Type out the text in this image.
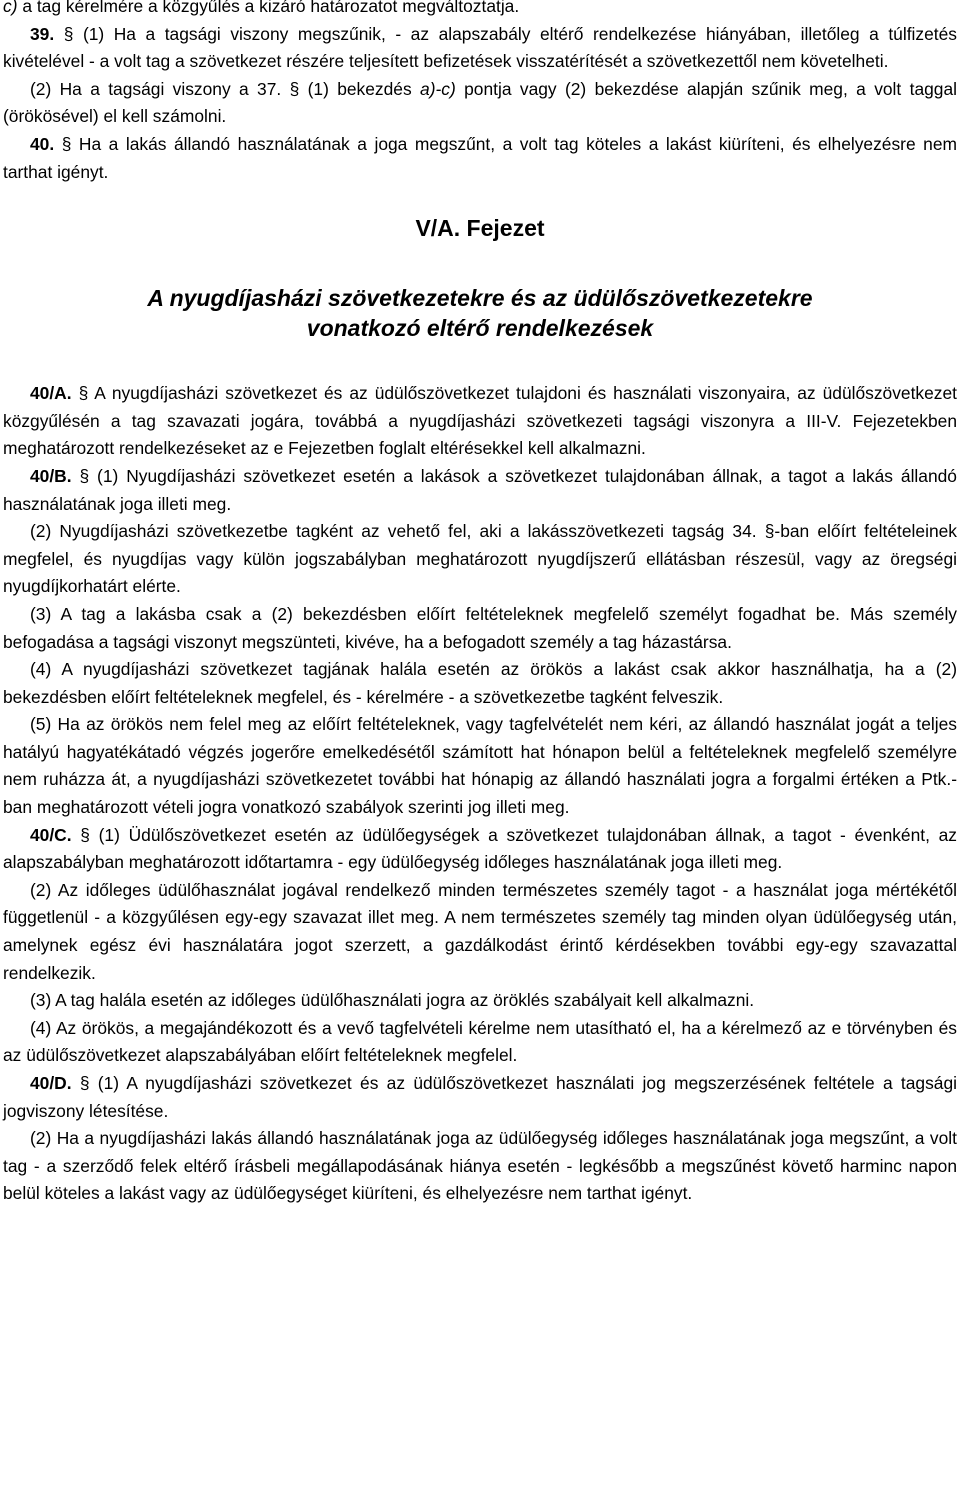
c) a tag kérelmére a közgyűlés a kizáró határozatot megváltoztatja.

39. § (1) Ha a tagsági viszony megszűnik, - az alapszabály eltérő rendelkezése hiányában, illetőleg a túlfizetés kivételével - a volt tag a szövetkezet részére teljesített befizetések visszatérítését a szövetkezettől nem követelheti.

(2) Ha a tagsági viszony a 37. § (1) bekezdés a)-c) pontja vagy (2) bekezdése alapján szűnik meg, a volt taggal (örökösével) el kell számolni.

40. § Ha a lakás állandó használatának a joga megszűnt, a volt tag köteles a lakást kiüríteni, és elhelyezésre nem tarthat igényt.

V/A. Fejezet

A nyugdíjasházi szövetkezetekre és az üdülőszövetkezetekre

vonatkozó eltérő rendelkezések

40/A. § A nyugdíjasházi szövetkezet és az üdülőszövetkezet tulajdoni és használati viszonyaira, az üdülőszövetkezet közgyűlésén a tag szavazati jogára, továbbá a nyugdíjasházi szövetkezeti tagsági viszonyra a III-V. Fejezetekben meghatározott rendelkezéseket az e Fejezetben foglalt eltérésekkel kell alkalmazni.

40/B. § (1) Nyugdíjasházi szövetkezet esetén a lakások a szövetkezet tulajdonában állnak, a tagot a lakás állandó használatának joga illeti meg.

(2) Nyugdíjasházi szövetkezetbe tagként az vehető fel, aki a lakásszövetkezeti tagság 34. §-ban előírt feltételeinek megfelel, és nyugdíjas vagy külön jogszabályban meghatározott nyugdíjszerű ellátásban részesül, vagy az öregségi nyugdíjkorhatárt elérte.

(3) A tag a lakásba csak a (2) bekezdésben előírt feltételeknek megfelelő személyt fogadhat be. Más személy befogadása a tagsági viszonyt megszünteti, kivéve, ha a befogadott személy a tag házastársa.

(4) A nyugdíjasházi szövetkezet tagjának halála esetén az örökös a lakást csak akkor használhatja, ha a (2) bekezdésben előírt feltételeknek megfelel, és - kérelmére - a szövetkezetbe tagként felveszik.

(5) Ha az örökös nem felel meg az előírt feltételeknek, vagy tagfelvételét nem kéri, az állandó használat jogát a teljes hatályú hagyatékátadó végzés jogerőre emelkedésétől számított hat hónapon belül a feltételeknek megfelelő személyre nem ruházza át, a nyugdíjasházi szövetkezetet további hat hónapig az állandó használati jogra a forgalmi értéken a Ptk.-ban meghatározott vételi jogra vonatkozó szabályok szerinti jog illeti meg.

40/C. § (1) Üdülőszövetkezet esetén az üdülőegységek a szövetkezet tulajdonában állnak, a tagot - évenként, az alapszabályban meghatározott időtartamra - egy üdülőegység időleges használatának joga illeti meg.

(2) Az időleges üdülőhasználat jogával rendelkező minden természetes személy tagot - a használat joga mértékétől függetlenül - a közgyűlésen egy-egy szavazat illet meg. A nem természetes személy tag minden olyan üdülőegység után, amelynek egész évi használatára jogot szerzett, a gazdálkodást érintő kérdésekben további egy-egy szavazattal rendelkezik.

(3) A tag halála esetén az időleges üdülőhasználati jogra az öröklés szabályait kell alkalmazni.

(4) Az örökös, a megajándékozott és a vevő tagfelvételi kérelme nem utasítható el, ha a kérelmező az e törvényben és az üdülőszövetkezet alapszabályában előírt feltételeknek megfelel.

40/D. § (1) A nyugdíjasházi szövetkezet és az üdülőszövetkezet használati jog megszerzésének feltétele a tagsági jogviszony létesítése.

(2) Ha a nyugdíjasházi lakás állandó használatának joga az üdülőegység időleges használatának joga megszűnt, a volt tag - a szerződő felek eltérő írásbeli megállapodásának hiánya esetén - legkésőbb a megszűnést követő harminc napon belül köteles a lakást vagy az üdülőegységet kiüríteni, és elhelyezésre nem tarthat igényt.
